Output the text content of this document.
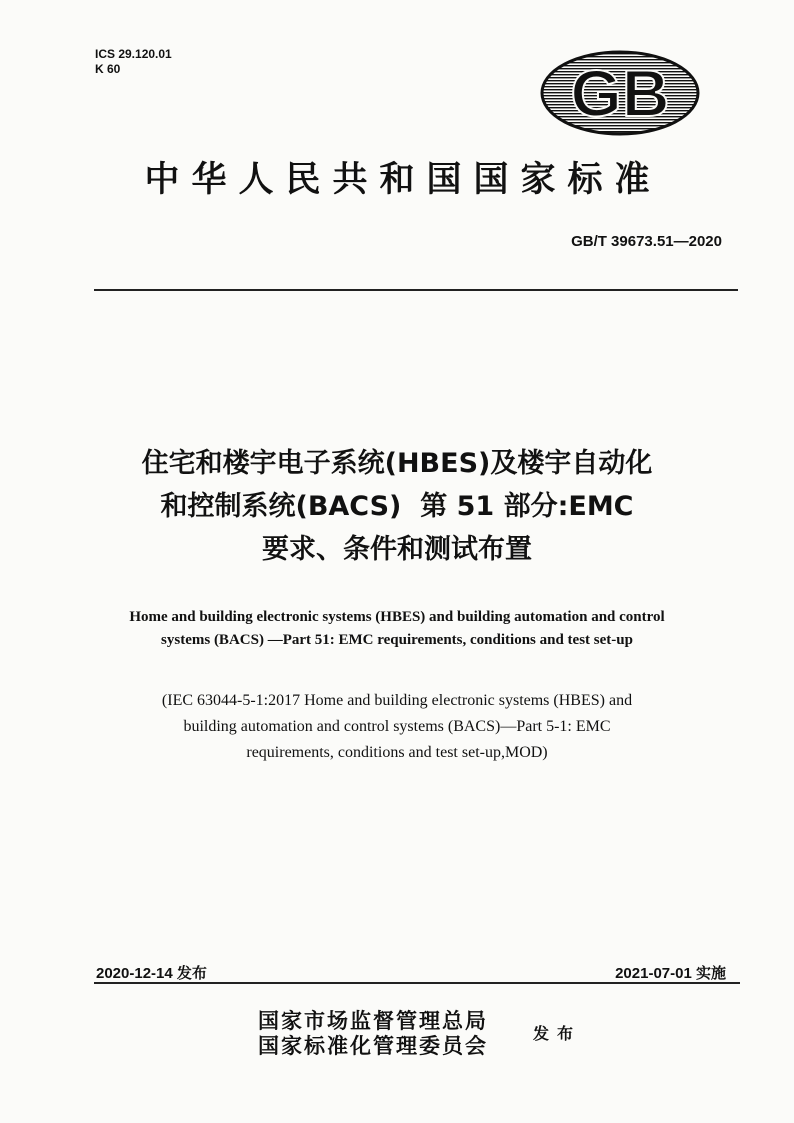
ICS 29.120.01
K 60	GB
中华人民共和国国家标准
GB/T 39673.51—2020
住宅和楼宇电子系统(HBES)及楼宇自动化
和控制系统(BACS)  第 51 部分:EMC
要求、条件和测试布置
Home and building electronic systems (HBES) and building automation and control
systems (BACS) —Part 51: EMC requirements, conditions and test set-up
(IEC 63044-5-1:2017 Home and building electronic systems (HBES) and
building automation and control systems (BACS)—Part 5-1: EMC
requirements, conditions and test set-up,MOD)
2020-12-14 发布	2021-07-01 实施
国家市场监督管理总局
国家标准化管理委员会	发布
